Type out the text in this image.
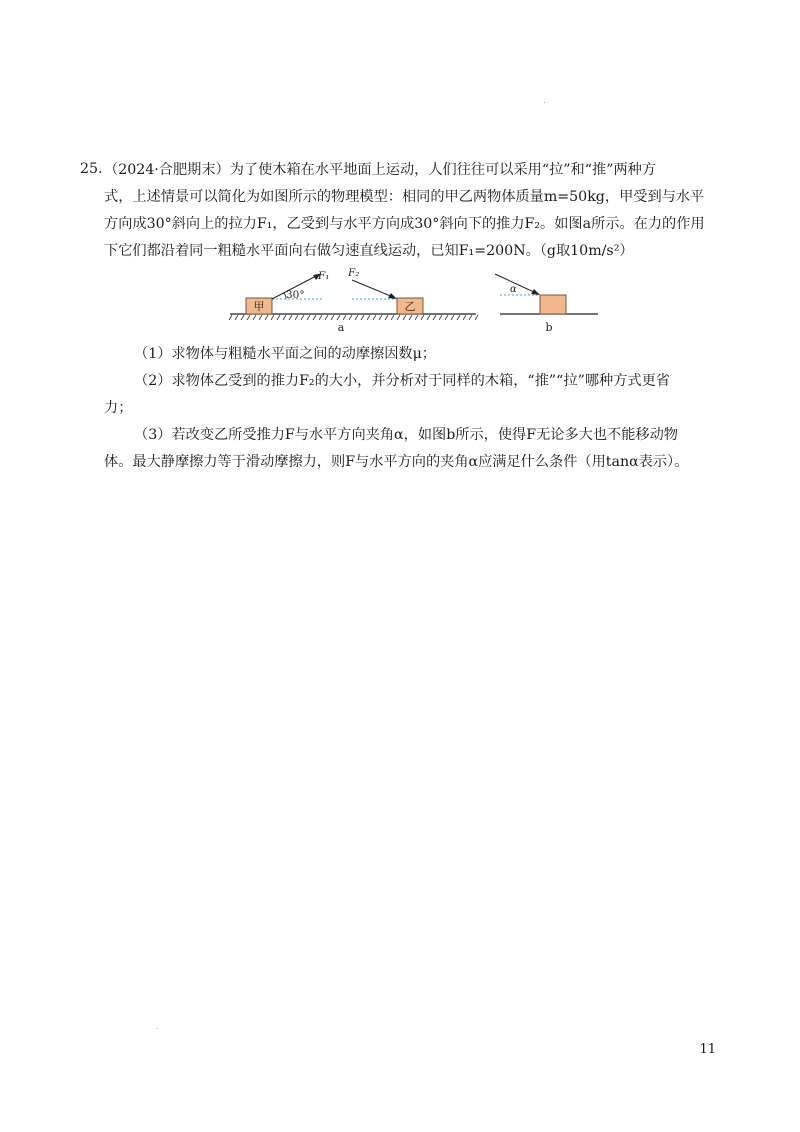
.
25. （2024·合肥期末）为了使木箱在水平地面上运动，人们往往可以采用“拉”和“推”两种方
式，上述情景可以简化为如图所示的物理模型：相同的甲乙两物体质量m=50kg，甲受到与水平
方向成30°斜向上的拉力F₁，乙受到与水平方向成30°斜向下的推力F₂。如图a所示。在力的作用
下它们都沿着同一粗糙水平面向右做匀速直线运动，已知F₁=200N。（g取10m/s²）
甲
F₁
30°
乙
F₂
a
α
b
（1）求物体与粗糙水平面之间的动摩擦因数μ；
（2）求物体乙受到的推力F₂的大小，并分析对于同样的木箱，“推”“拉”哪种方式更省
力；
（3）若改变乙所受推力F与水平方向夹角α，如图b所示，使得F无论多大也不能移动物
体。最大静摩擦力等于滑动摩擦力，则F与水平方向的夹角α应满足什么条件（用tanα表示）。
.
11
